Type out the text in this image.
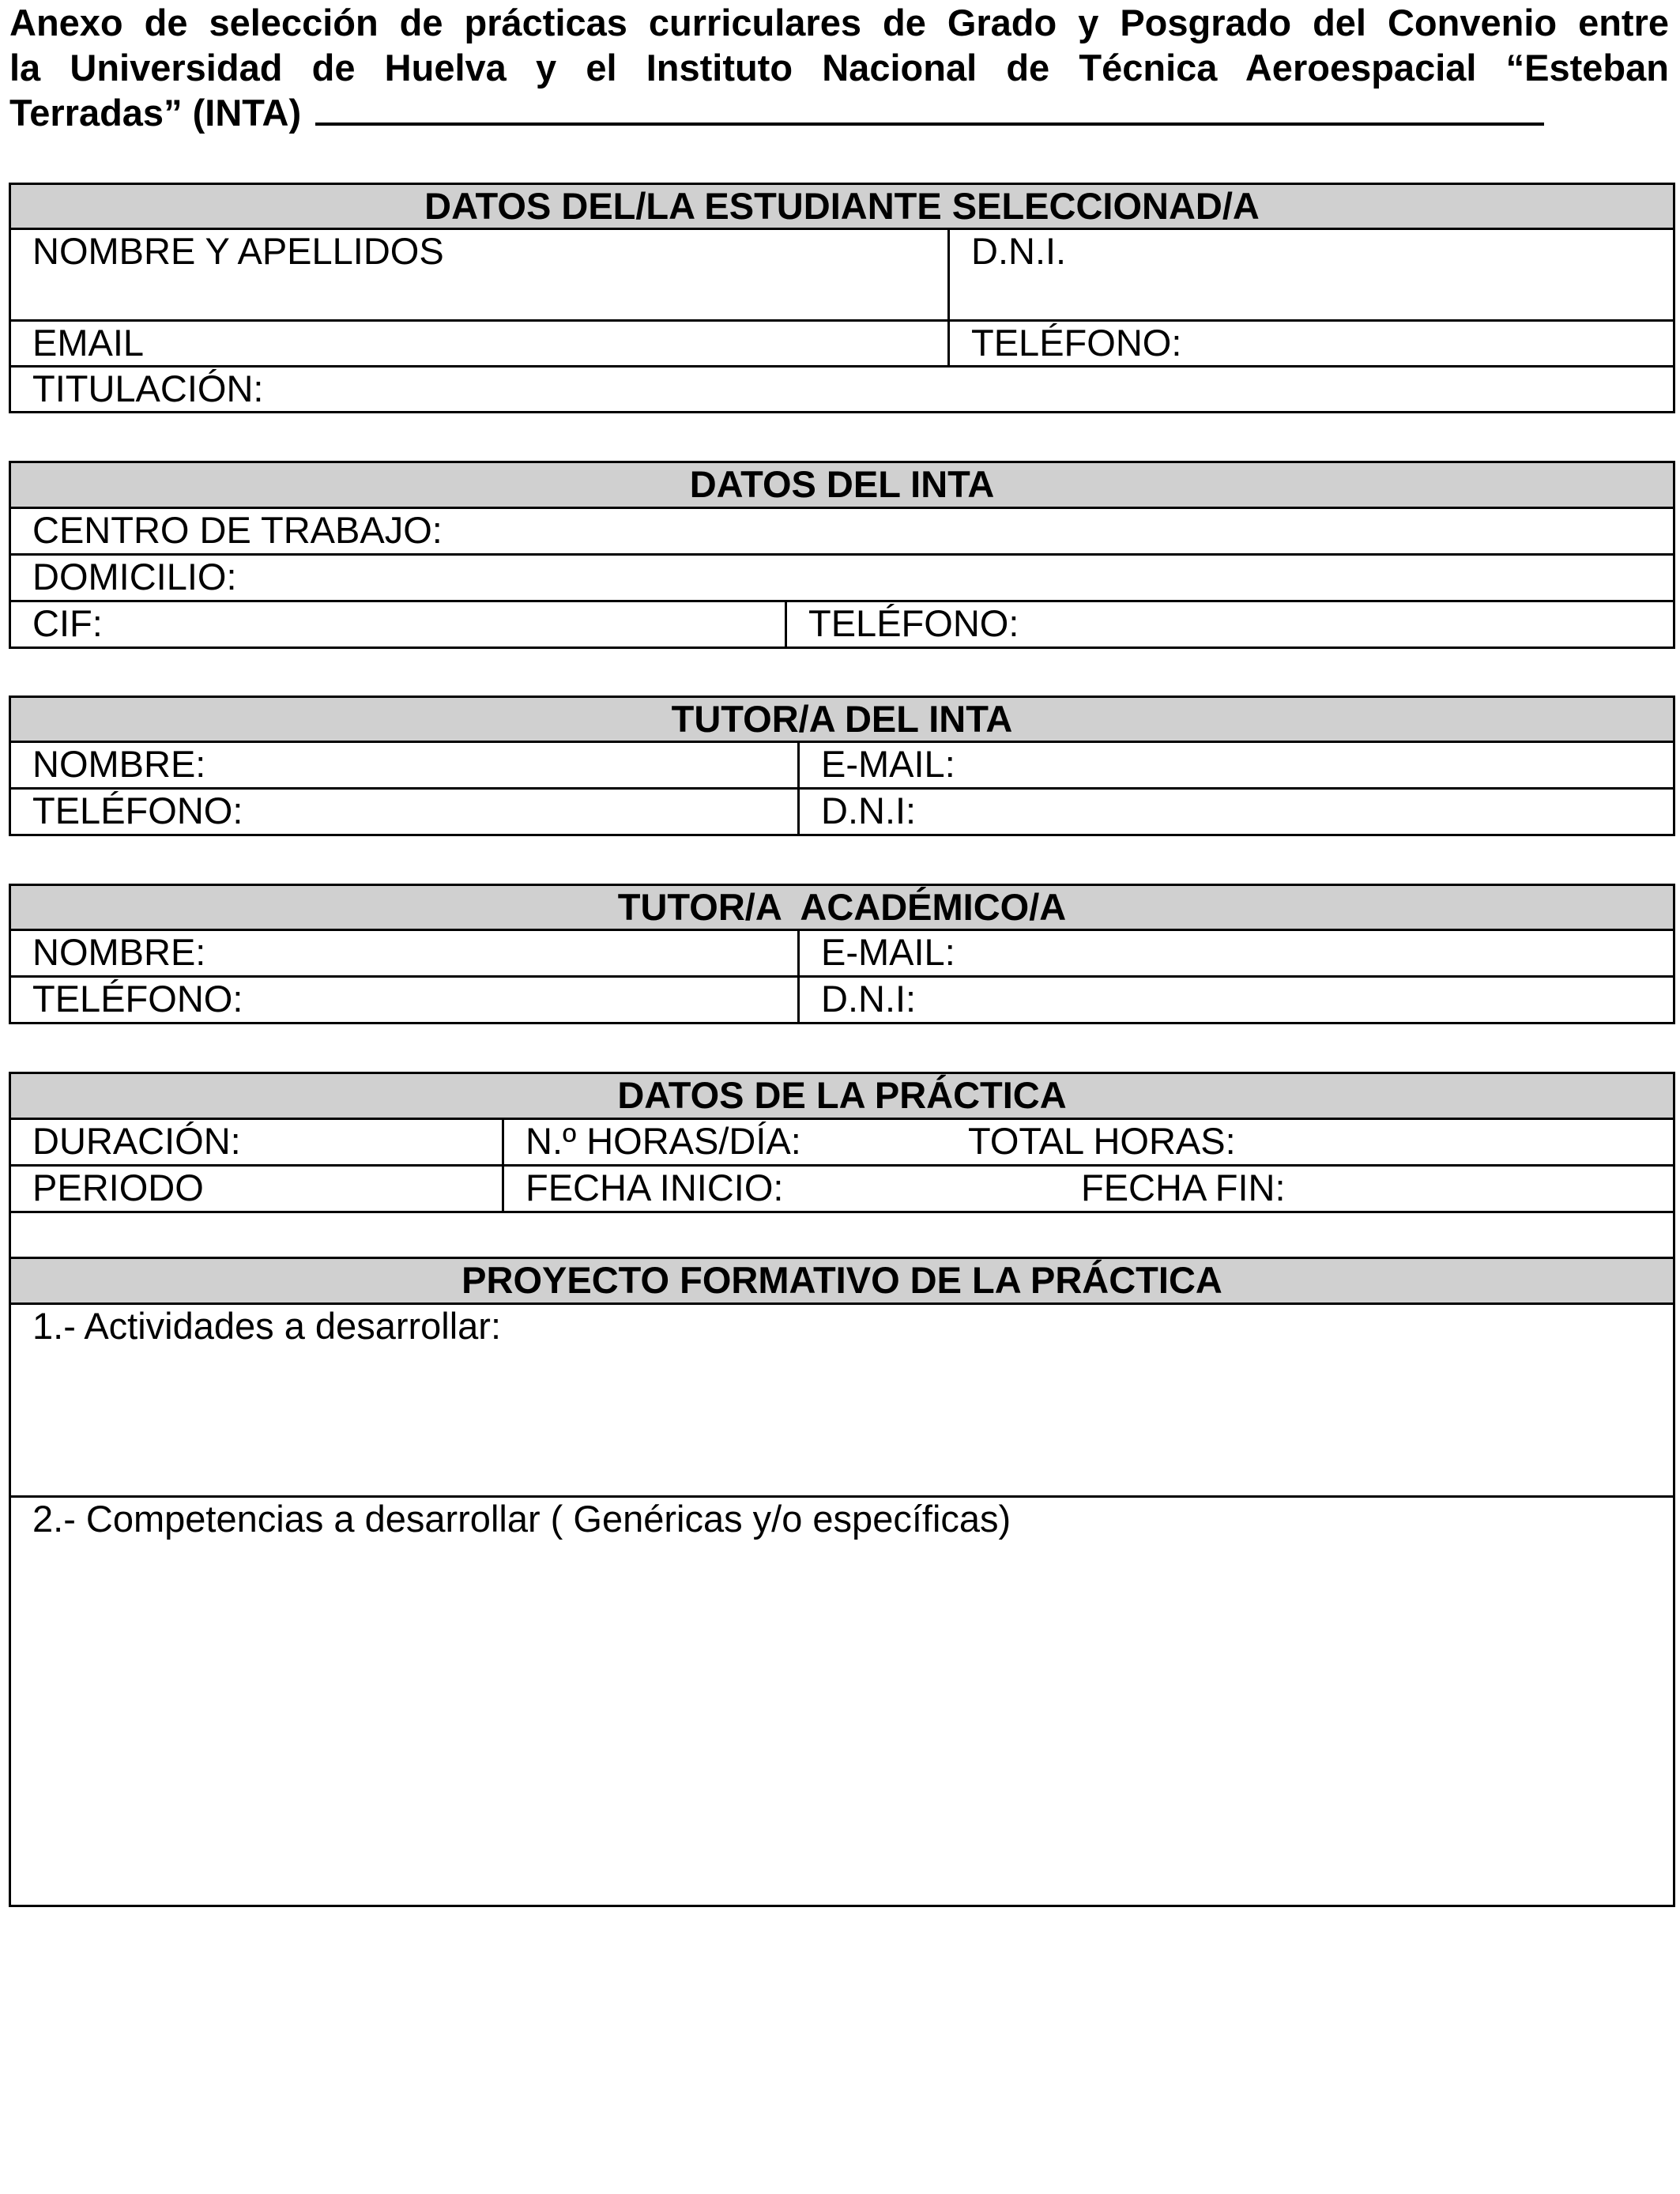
Anexo de selección de prácticas curriculares de Grado y Posgrado del Convenio entre
la Universidad de Huelva y el Instituto Nacional de Técnica Aeroespacial “Esteban
Terradas” (INTA)
DATOS DEL/LA ESTUDIANTE SELECCIONAD/A	
NOMBRE Y APELLIDOS	D.N.I.
EMAIL	TELÉFONO:
TITULACIÓN:	
DATOS DEL INTA
CENTRO DE TRABAJO:
DOMICILIO:
CIF:	TELÉFONO:
TUTOR/A DEL INTA	
NOMBRE:	E-MAIL:
TELÉFONO:	D.N.I:
TUTOR/A  ACADÉMICO/A	
NOMBRE:	E-MAIL:
TELÉFONO:	D.N.I:
DATOS DE LA PRÁCTICA	
DURACIÓN:	N.º HORAS/DÍA: TOTAL HORAS:
PERIODO	FECHA INICIO: FECHA FIN:

PROYECTO FORMATIVO DE LA PRÁCTICA	
1.- Actividades a desarrollar:	
2.- Competencias a desarrollar ( Genéricas y/o específicas)	
